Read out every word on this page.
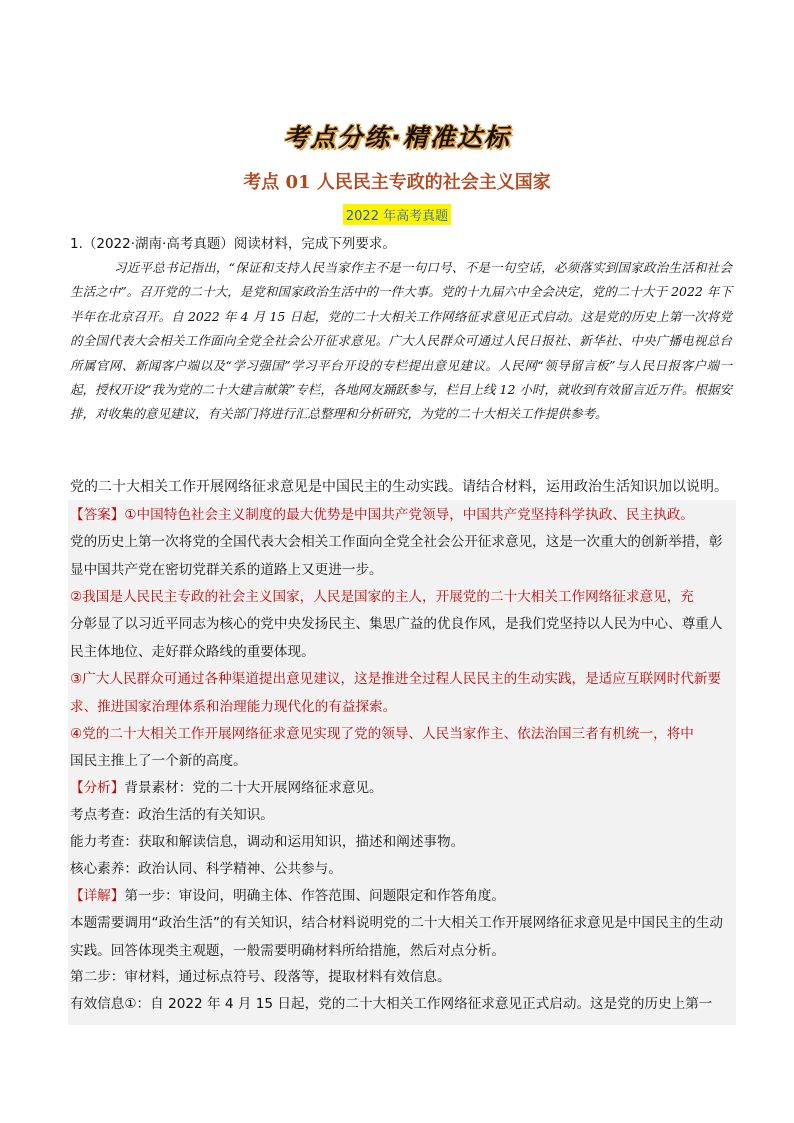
考点分练·精准达标
考点 01 人民民主专政的社会主义国家
2022 年高考真题
1.（2022·湖南·高考真题）阅读材料，完成下列要求。
习近平总书记指出，“保证和支持人民当家作主不是一句口号、不是一句空话，必须落实到国家政治生活和社会生活之中”。召开党的二十大，是党和国家政治生活中的一件大事。党的十九届六中全会决定，党的二十大于 2022 年下半年在北京召开。自 2022 年 4 月 15 日起，党的二十大相关工作网络征求意见正式启动。这是党的历史上第一次将党的全国代表大会相关工作面向全党全社会公开征求意见。广大人民群众可通过人民日报社、新华社、中央广播电视总台所属官网、新闻客户端以及“学习强国”学习平台开设的专栏提出意见建议。人民网“领导留言板”与人民日报客户端一起，授权开设“我为党的二十大建言献策”专栏，各地网友踊跃参与，栏目上线 12 小时，就收到有效留言近万件。根据安排，对收集的意见建议，有关部门将进行汇总整理和分析研究，为党的二十大相关工作提供参考。
党的二十大相关工作开展网络征求意见是中国民主的生动实践。请结合材料，运用政治生活知识加以说明。
【答案】①中国特色社会主义制度的最大优势是中国共产党领导，中国共产党坚持科学执政、民主执政。
党的历史上第一次将党的全国代表大会相关工作面向全党全社会公开征求意见，这是一次重大的创新举措，彰显中国共产党在密切党群关系的道路上又更进一步。
②我国是人民民主专政的社会主义国家，人民是国家的主人，开展党的二十大相关工作网络征求意见，充
分彰显了以习近平同志为核心的党中央发扬民主、集思广益的优良作风，是我们党坚持以人民为中心、尊重人民主体地位、走好群众路线的重要体现。
③广大人民群众可通过各种渠道提出意见建议，这是推进全过程人民民主的生动实践，是适应互联网时代新要求、推进国家治理体系和治理能力现代化的有益探索。
④党的二十大相关工作开展网络征求意见实现了党的领导、人民当家作主、依法治国三者有机统一，将中
国民主推上了一个新的高度。
【分析】背景素材：党的二十大开展网络征求意见。
考点考查：政治生活的有关知识。
能力考查：获取和解读信息，调动和运用知识，描述和阐述事物。
核心素养：政治认同、科学精神、公共参与。
【详解】第一步：审设问，明确主体、作答范围、问题限定和作答角度。
本题需要调用“政治生活”的有关知识，结合材料说明党的二十大相关工作开展网络征求意见是中国民主的生动实践。回答体现类主观题，一般需要明确材料所给措施，然后对点分析。
第二步：审材料，通过标点符号、段落等，提取材料有效信息。
有效信息①：自 2022 年 4 月 15 日起，党的二十大相关工作网络征求意见正式启动。这是党的历史上第一
